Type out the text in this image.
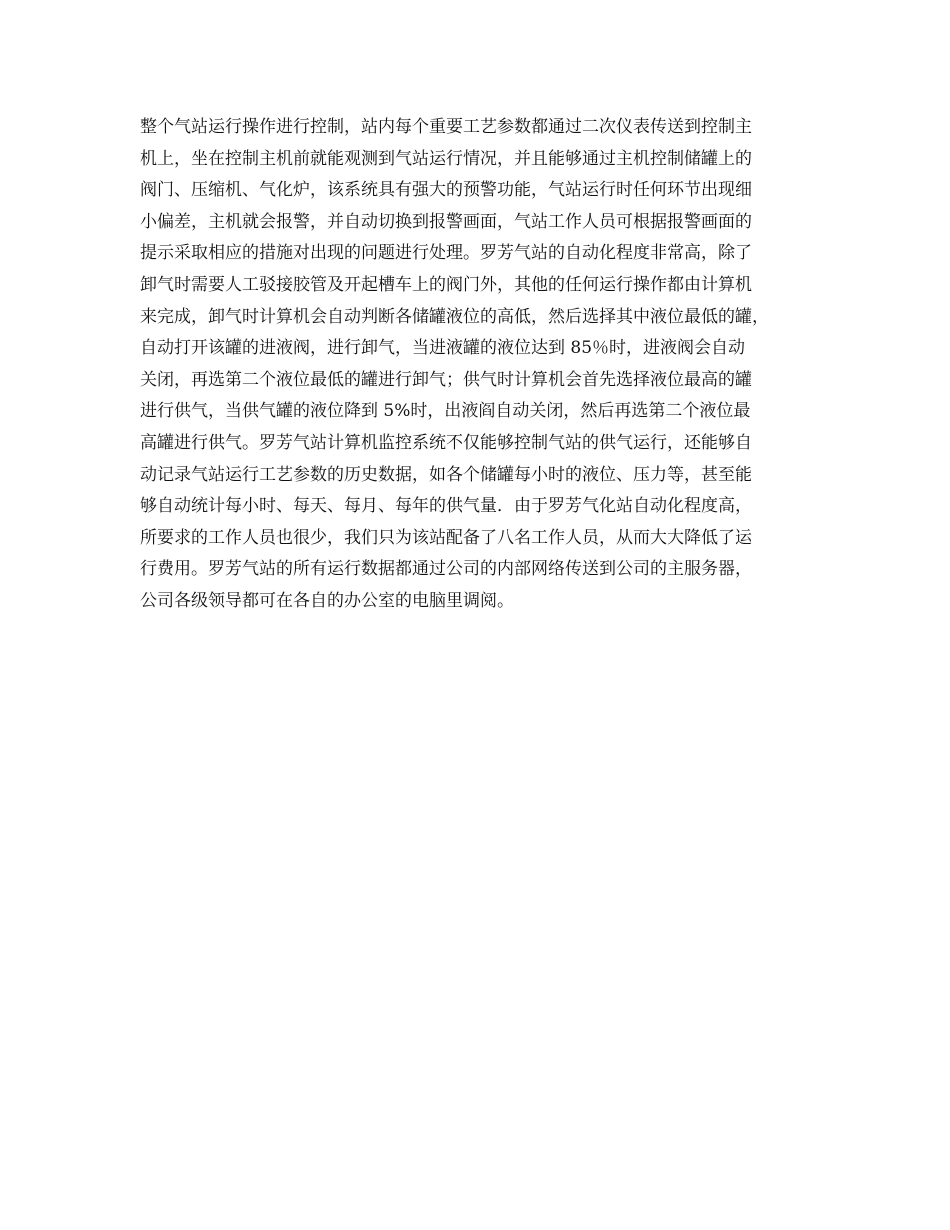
整个气站运行操作进行控制，站内每个重要工艺参数都通过二次仪表传送到控制主
机上，坐在控制主机前就能观测到气站运行情况，并且能够通过主机控制储罐上的
阀门、压缩机、气化炉，该系统具有强大的预警功能，气站运行时任何环节出现细
小偏差，主机就会报警，并自动切换到报警画面，气站工作人员可根据报警画面的
提示采取相应的措施对出现的问题进行处理。罗芳气站的自动化程度非常高，除了
卸气时需要人工驳接胶管及开起槽车上的阀门外，其他的任何运行操作都由计算机
来完成，卸气时计算机会自动判断各储罐液位的高低，然后选择其中液位最低的罐，
自动打开该罐的进液阀，进行卸气，当进液罐的液位达到 85％时，进液阀会自动
关闭，再选第二个液位最低的罐进行卸气；供气时计算机会首先选择液位最高的罐
进行供气，当供气罐的液位降到 5%时，出液阎自动关闭，然后再选第二个液位最
高罐进行供气。罗芳气站计算机监控系统不仅能够控制气站的供气运行，还能够自
动记录气站运行工艺参数的历史数据，如各个储罐每小时的液位、压力等，甚至能
够自动统计每小时、每天、每月、每年的供气量．由于罗芳气化站自动化程度高，
所要求的工作人员也很少，我们只为该站配备了八名工作人员，从而大大降低了运
行费用。罗芳气站的所有运行数据都通过公司的内部网络传送到公司的主服务器，
公司各级领导都可在各自的办公室的电脑里调阅。
